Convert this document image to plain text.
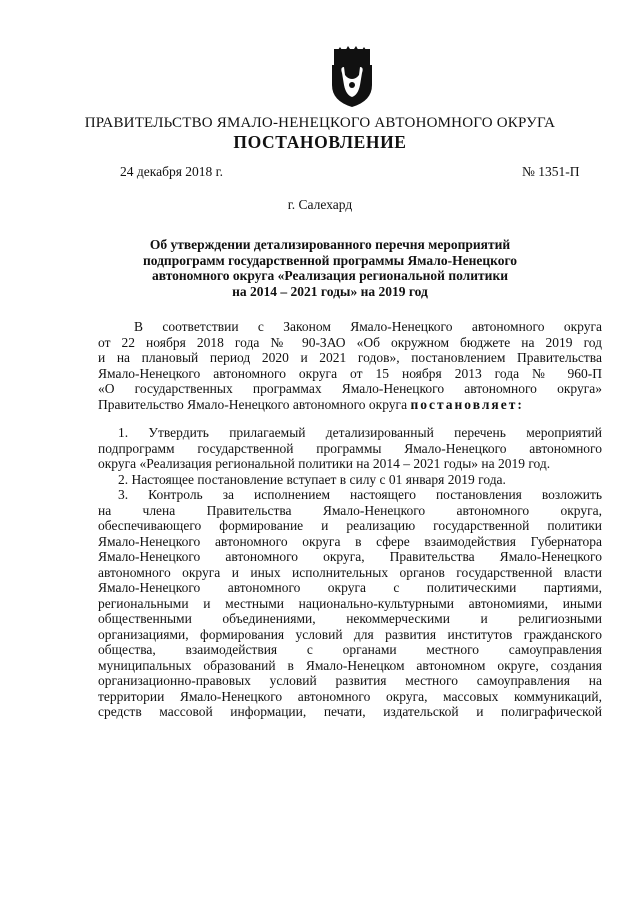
ПРАВИТЕЛЬСТВО ЯМАЛО-НЕНЕЦКОГО АВТОНОМНОГО ОКРУГА
ПОСТАНОВЛЕНИЕ
24 декабря 2018 г.	№ 1351-П
г. Салехард
Об утверждении детализированного перечня мероприятий
подпрограмм государственной программы Ямало-Ненецкого
автономного округа «Реализация региональной политики
на 2014 – 2021 годы» на 2019 год
В соответствии с Законом Ямало-Ненецкого автономного округа
от 22 ноября 2018 года № 90-ЗАО «Об окружном бюджете на 2019 год
и на плановый период 2020 и 2021 годов», постановлением Правительства
Ямало-Ненецкого автономного округа от 15 ноября 2013 года № 960-П
«О государственных программах Ямало-Ненецкого автономного округа»
Правительство Ямало-Ненецкого автономного округа постановляет:
1. Утвердить прилагаемый детализированный перечень мероприятий
подпрограмм государственной программы Ямало-Ненецкого автономного
округа «Реализация региональной политики на 2014 – 2021 годы» на 2019 год.
2. Настоящее постановление вступает в силу с 01 января 2019 года.
3. Контроль за исполнением настоящего постановления возложить
на члена Правительства Ямало-Ненецкого автономного округа,
обеспечивающего формирование и реализацию государственной политики
Ямало-Ненецкого автономного округа в сфере взаимодействия Губернатора
Ямало-Ненецкого автономного округа, Правительства Ямало-Ненецкого
автономного округа и иных исполнительных органов государственной власти
Ямало-Ненецкого автономного округа с политическими партиями,
региональными и местными национально-культурными автономиями, иными
общественными объединениями, некоммерческими и религиозными
организациями, формирования условий для развития институтов гражданского
общества, взаимодействия с органами местного самоуправления
муниципальных образований в Ямало-Ненецком автономном округе, создания
организационно-правовых условий развития местного самоуправления на
территории Ямало-Ненецкого автономного округа, массовых коммуникаций,
средств массовой информации, печати, издательской и полиграфической
